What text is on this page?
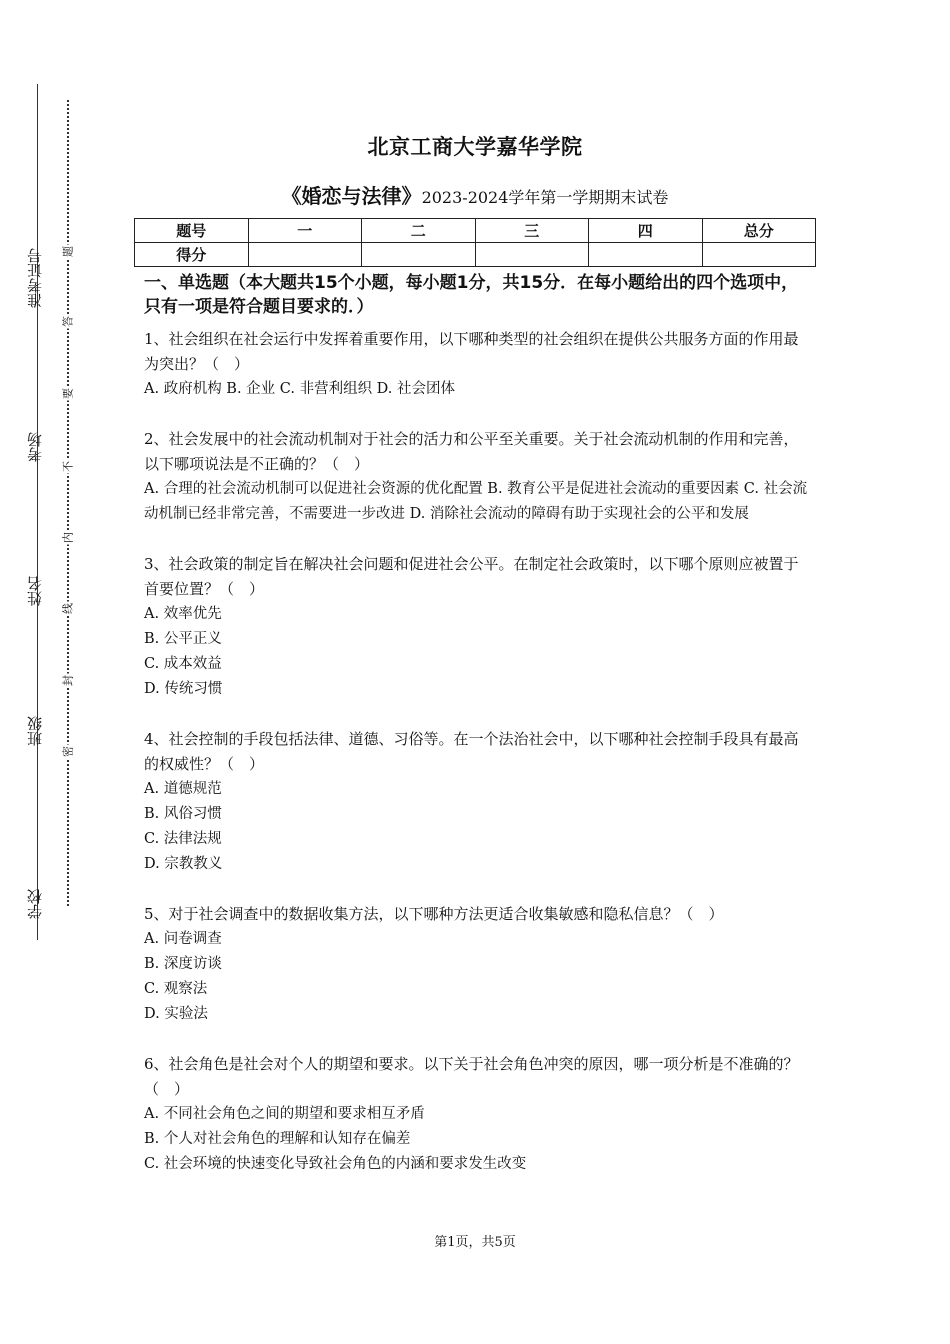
准考证号
考场
姓名
班级
学校
题
答
要
不
内
线
封
密
北京工商大学嘉华学院
《婚恋与法律》2023-2024学年第一学期期末试卷
题号	一	二	三	四	总分
得分					
一、单选题（本大题共15个小题，每小题1分，共15分．在每小题给出的四个选项中，只有一项是符合题目要求的．）

1、社会组织在社会运行中发挥着重要作用，以下哪种类型的社会组织在提供公共服务方面的作用最为突出？（　）

A. 政府机构 B. 企业 C. 非营利组织 D. 社会团体

2、社会发展中的社会流动机制对于社会的活力和公平至关重要。关于社会流动机制的作用和完善，以下哪项说法是不正确的？（　）

A. 合理的社会流动机制可以促进社会资源的优化配置 B. 教育公平是促进社会流动的重要因素 C. 社会流动机制已经非常完善，不需要进一步改进 D. 消除社会流动的障碍有助于实现社会的公平和发展

3、社会政策的制定旨在解决社会问题和促进社会公平。在制定社会政策时，以下哪个原则应被置于首要位置？（　）

A. 效率优先

B. 公平正义

C. 成本效益

D. 传统习惯

4、社会控制的手段包括法律、道德、习俗等。在一个法治社会中，以下哪种社会控制手段具有最高的权威性？（　）

A. 道德规范

B. 风俗习惯

C. 法律法规

D. 宗教教义

5、对于社会调查中的数据收集方法，以下哪种方法更适合收集敏感和隐私信息？（　）

A. 问卷调查

B. 深度访谈

C. 观察法

D. 实验法

6、社会角色是社会对个人的期望和要求。以下关于社会角色冲突的原因，哪一项分析是不准确的？（　）

A. 不同社会角色之间的期望和要求相互矛盾

B. 个人对社会角色的理解和认知存在偏差

C. 社会环境的快速变化导致社会角色的内涵和要求发生改变

第1页，共5页
